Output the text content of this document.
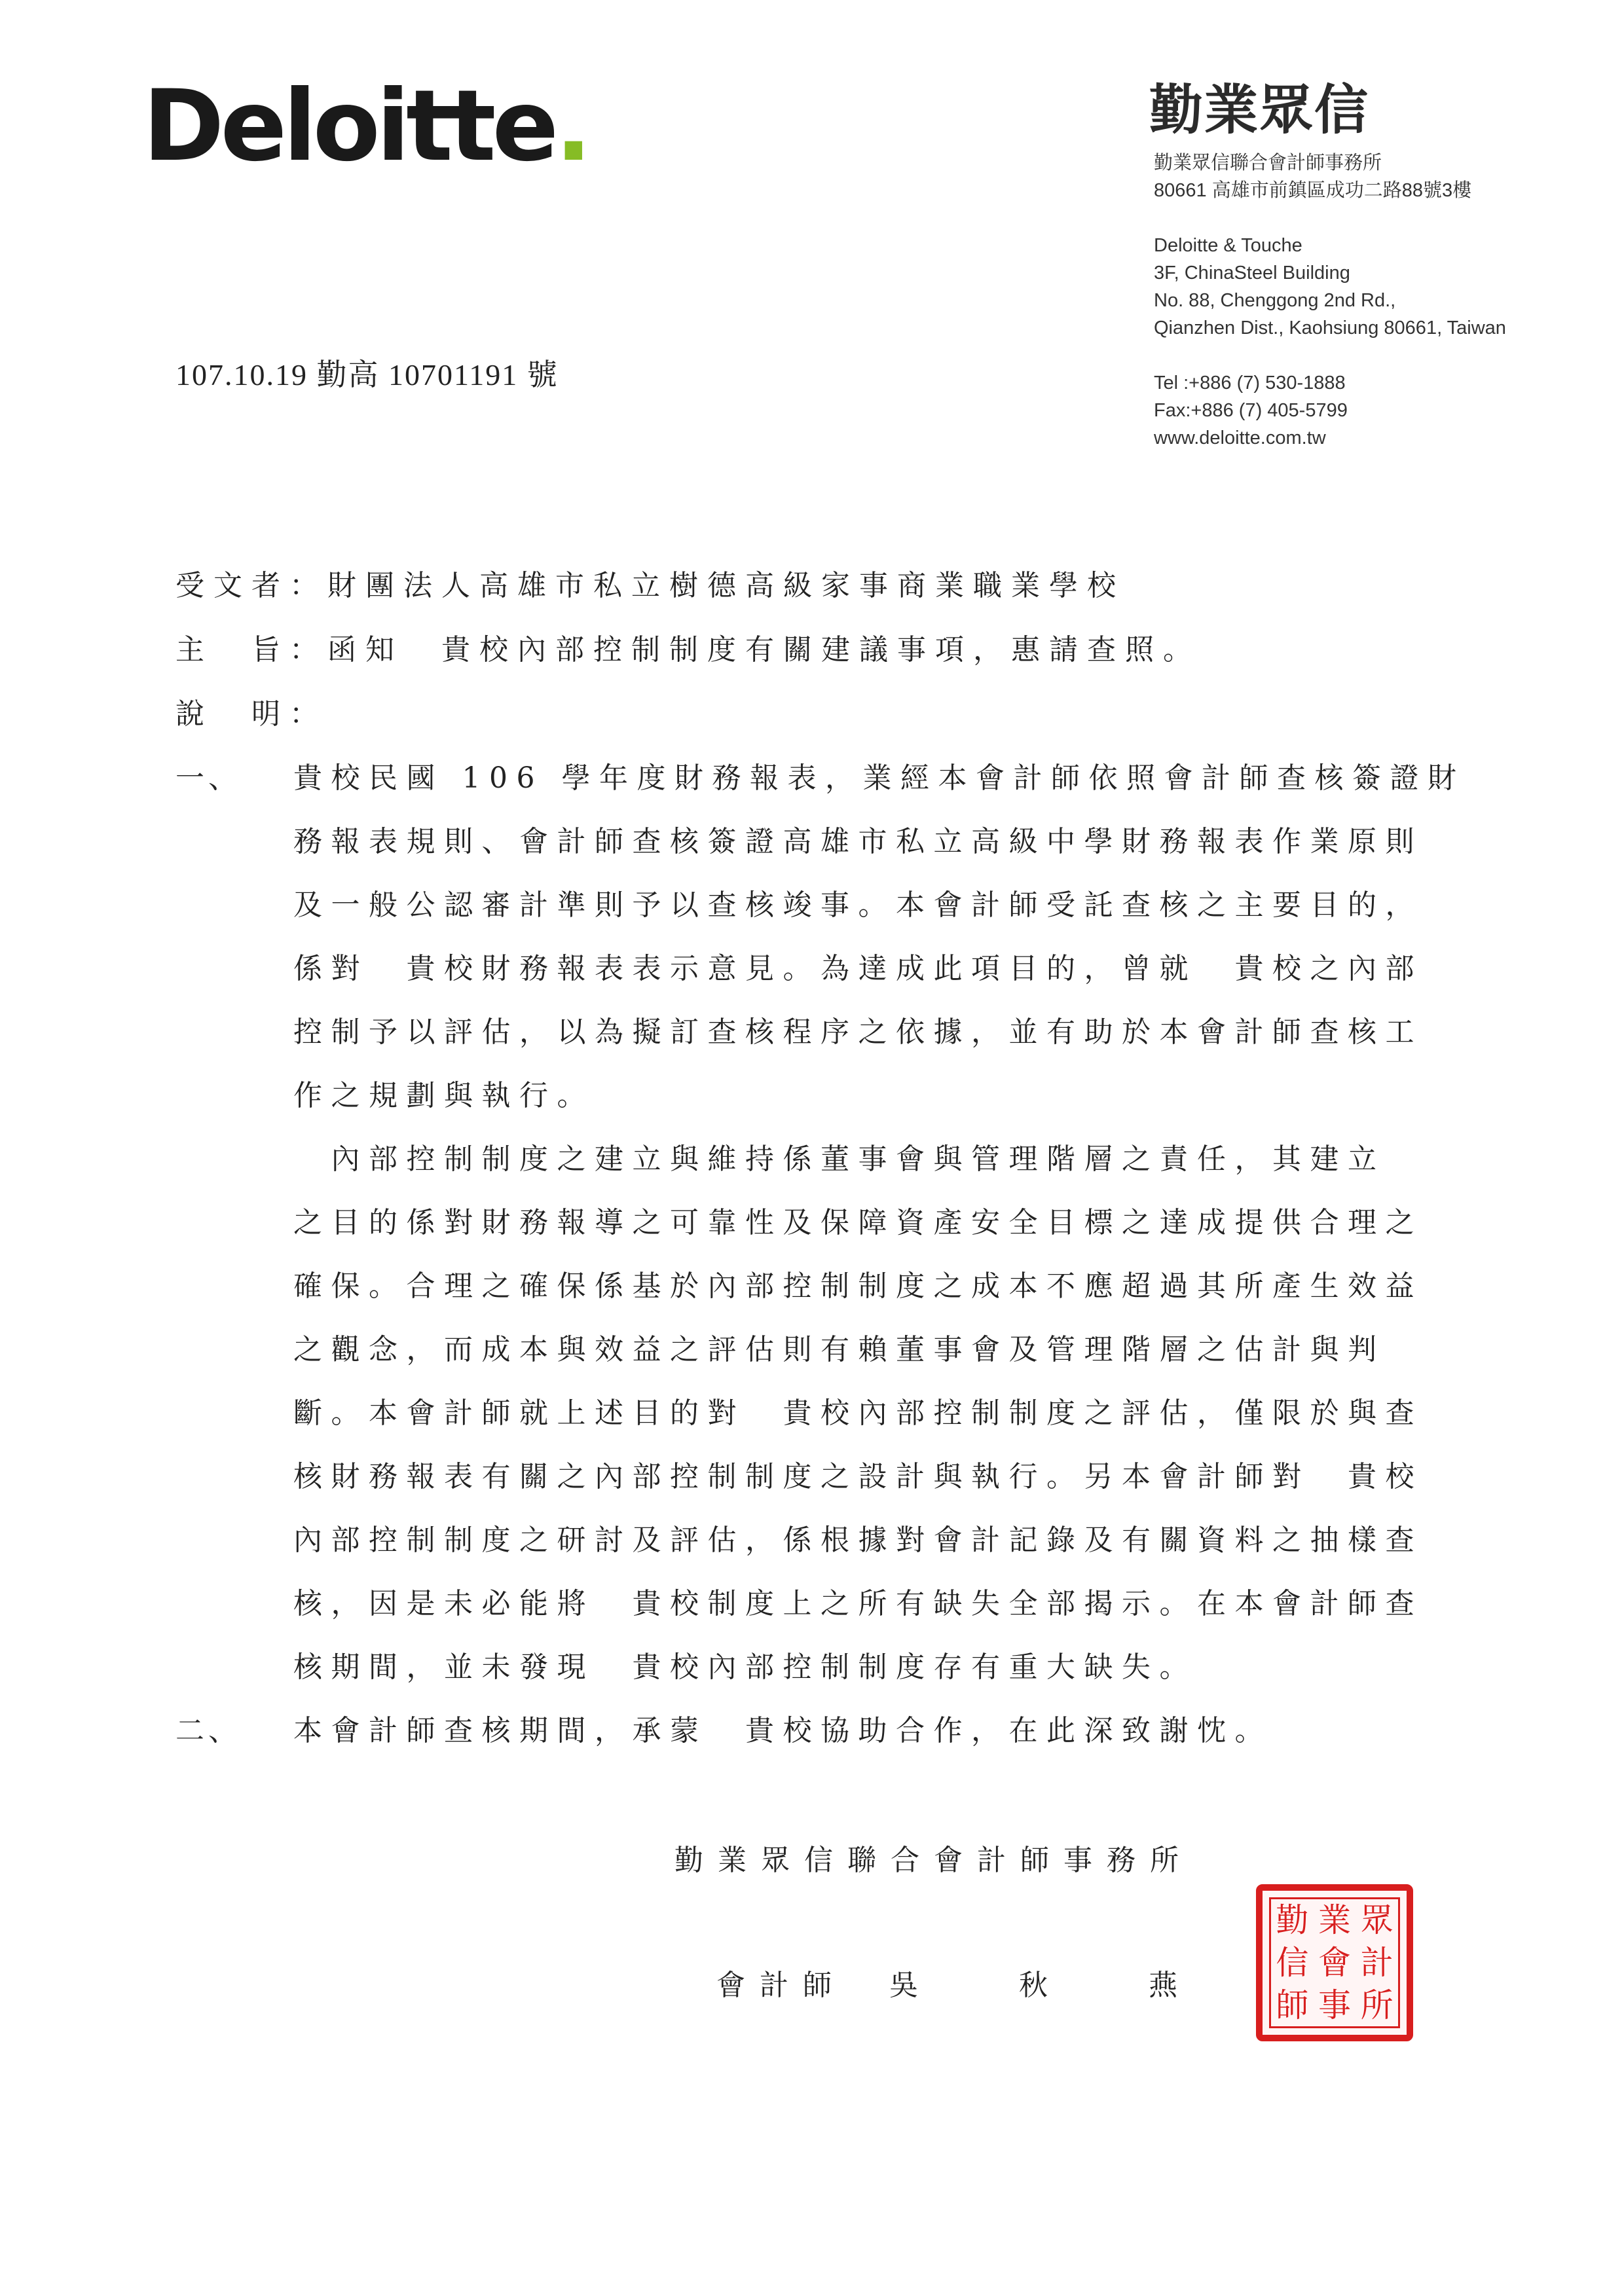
Deloitte.	勤業眾信
勤業眾信聯合會計師事務所
80661 高雄市前鎮區成功二路88號3樓
Deloitte & Touche
3F, ChinaSteel Building
No. 88, Chenggong 2nd Rd.,
Qianzhen Dist., Kaohsiung 80661, Taiwan
Tel :+886 (7) 530-1888
Fax:+886 (7) 405-5799
www.deloitte.com.tw
107.10.19 勤高 10701191 號
受文者：財團法人高雄市私立樹德高級家事商業職業學校
主　旨：函知　貴校內部控制制度有關建議事項，惠請查照。
說　明：
一、 貴校民國 106 學年度財務報表，業經本會計師依照會計師查核簽證財
務報表規則、會計師查核簽證高雄市私立高級中學財務報表作業原則
及一般公認審計準則予以查核竣事。本會計師受託查核之主要目的，
係對　貴校財務報表表示意見。為達成此項目的，曾就　貴校之內部
控制予以評估，以為擬訂查核程序之依據，並有助於本會計師查核工
作之規劃與執行。
　內部控制制度之建立與維持係董事會與管理階層之責任，其建立
之目的係對財務報導之可靠性及保障資產安全目標之達成提供合理之
確保。合理之確保係基於內部控制制度之成本不應超過其所產生效益
之觀念，而成本與效益之評估則有賴董事會及管理階層之估計與判
斷。本會計師就上述目的對　貴校內部控制制度之評估，僅限於與查
核財務報表有關之內部控制制度之設計與執行。另本會計師對　貴校
內部控制制度之研討及評估，係根據對會計記錄及有關資料之抽樣查
核，因是未必能將　貴校制度上之所有缺失全部揭示。在本會計師查
核期間，並未發現　貴校內部控制制度存有重大缺失。
二、 本會計師查核期間，承蒙　貴校協助合作，在此深致謝忱。
勤業眾信聯合會計師事務所
會計師　吳　　秋　　燕
勤 業 眾
信 會 計
師 事 所
